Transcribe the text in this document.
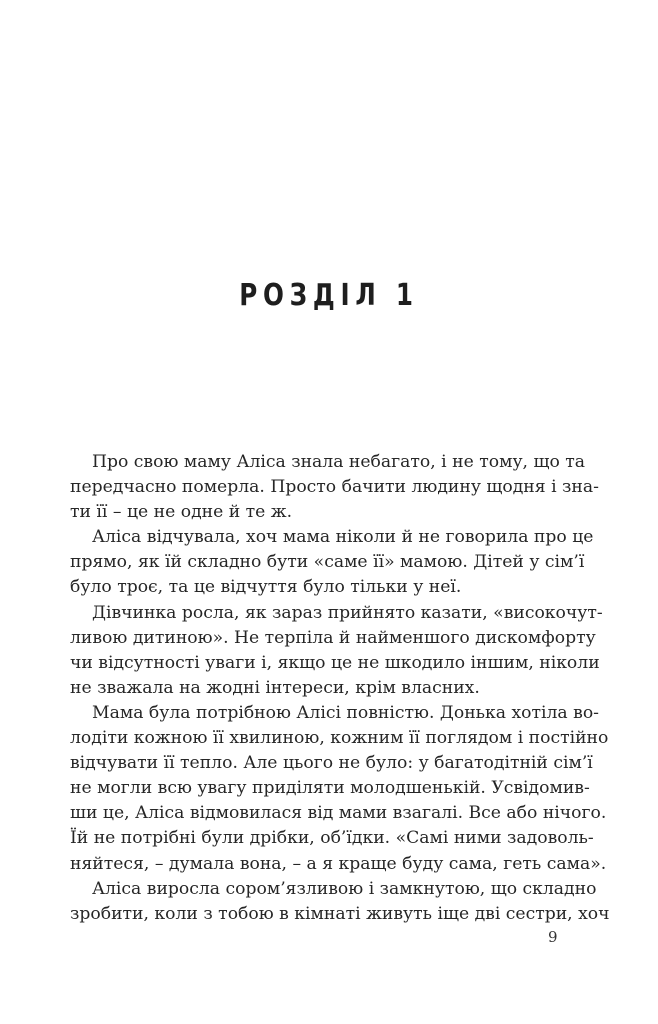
РОЗДІЛ 1
Про свою маму Аліса знала небагато, і не тому, що та
передчасно померла. Просто бачити людину щодня і зна-
ти її – це не одне й те ж.
Аліса відчувала, хоч мама ніколи й не говорила про це
прямо, як їй складно бути «саме її» мамою. Дітей у сім’ї
було троє, та це відчуття було тільки у неї.
Дівчинка росла, як зараз прийнято казати, «високочут-
ливою дитиною». Не терпіла й найменшого дискомфорту
чи відсутності уваги і, якщо це не шкодило іншим, ніколи
не зважала на жодні інтереси, крім власних.
Мама була потрібною Алісі повністю. Донька хотіла во-
лодіти кожною її хвилиною, кожним її поглядом і постійно
відчувати її тепло. Але цього не було: у багатодітній сім’ї
не могли всю увагу приділяти молодшенькій. Усвідомив-
ши це, Аліса відмовилася від мами взагалі. Все або нічого.
Їй не потрібні були дрібки, об’їдки. «Самі ними задоволь-
няйтеся, – думала вона, – а я краще буду сама, геть сама».
Аліса виросла сором’язливою і замкнутою, що складно
зробити, коли з тобою в кімнаті живуть іще дві сестри, хоч
9
